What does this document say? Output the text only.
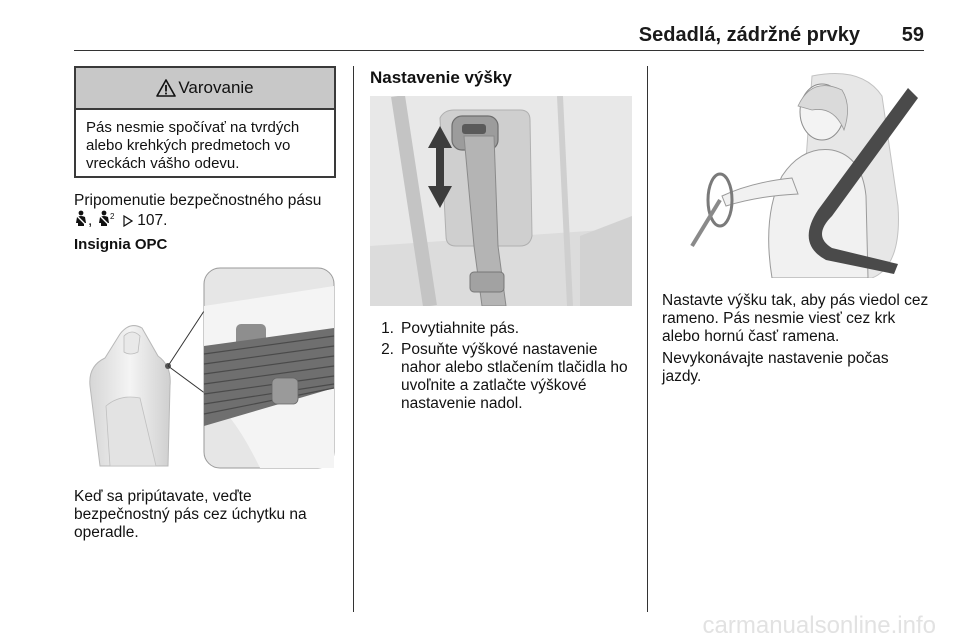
Sedadlá, zádržné prvky	59
Varovanie
Pás nesmie spočívať na tvrdých alebo krehkých predmetoch vo vreckách vášho odevu.
Pripomenutie bezpečnostného pásu
, 2 107.
Insignia OPC
Keď sa pripútavate, veďte bezpečnostný pás cez úchytku na operadle.
Nastavenie výšky
1. Povytiahnite pás.
2. Posuňte výškové nastavenie nahor alebo stlačením tlačidla ho uvoľnite a zatlačte výškové nastavenie nadol.
Nastavte výšku tak, aby pás viedol cez rameno. Pás nesmie viesť cez krk alebo hornú časť ramena.
Nevykonávajte nastavenie počas jazdy.
carmanualsonline.info
